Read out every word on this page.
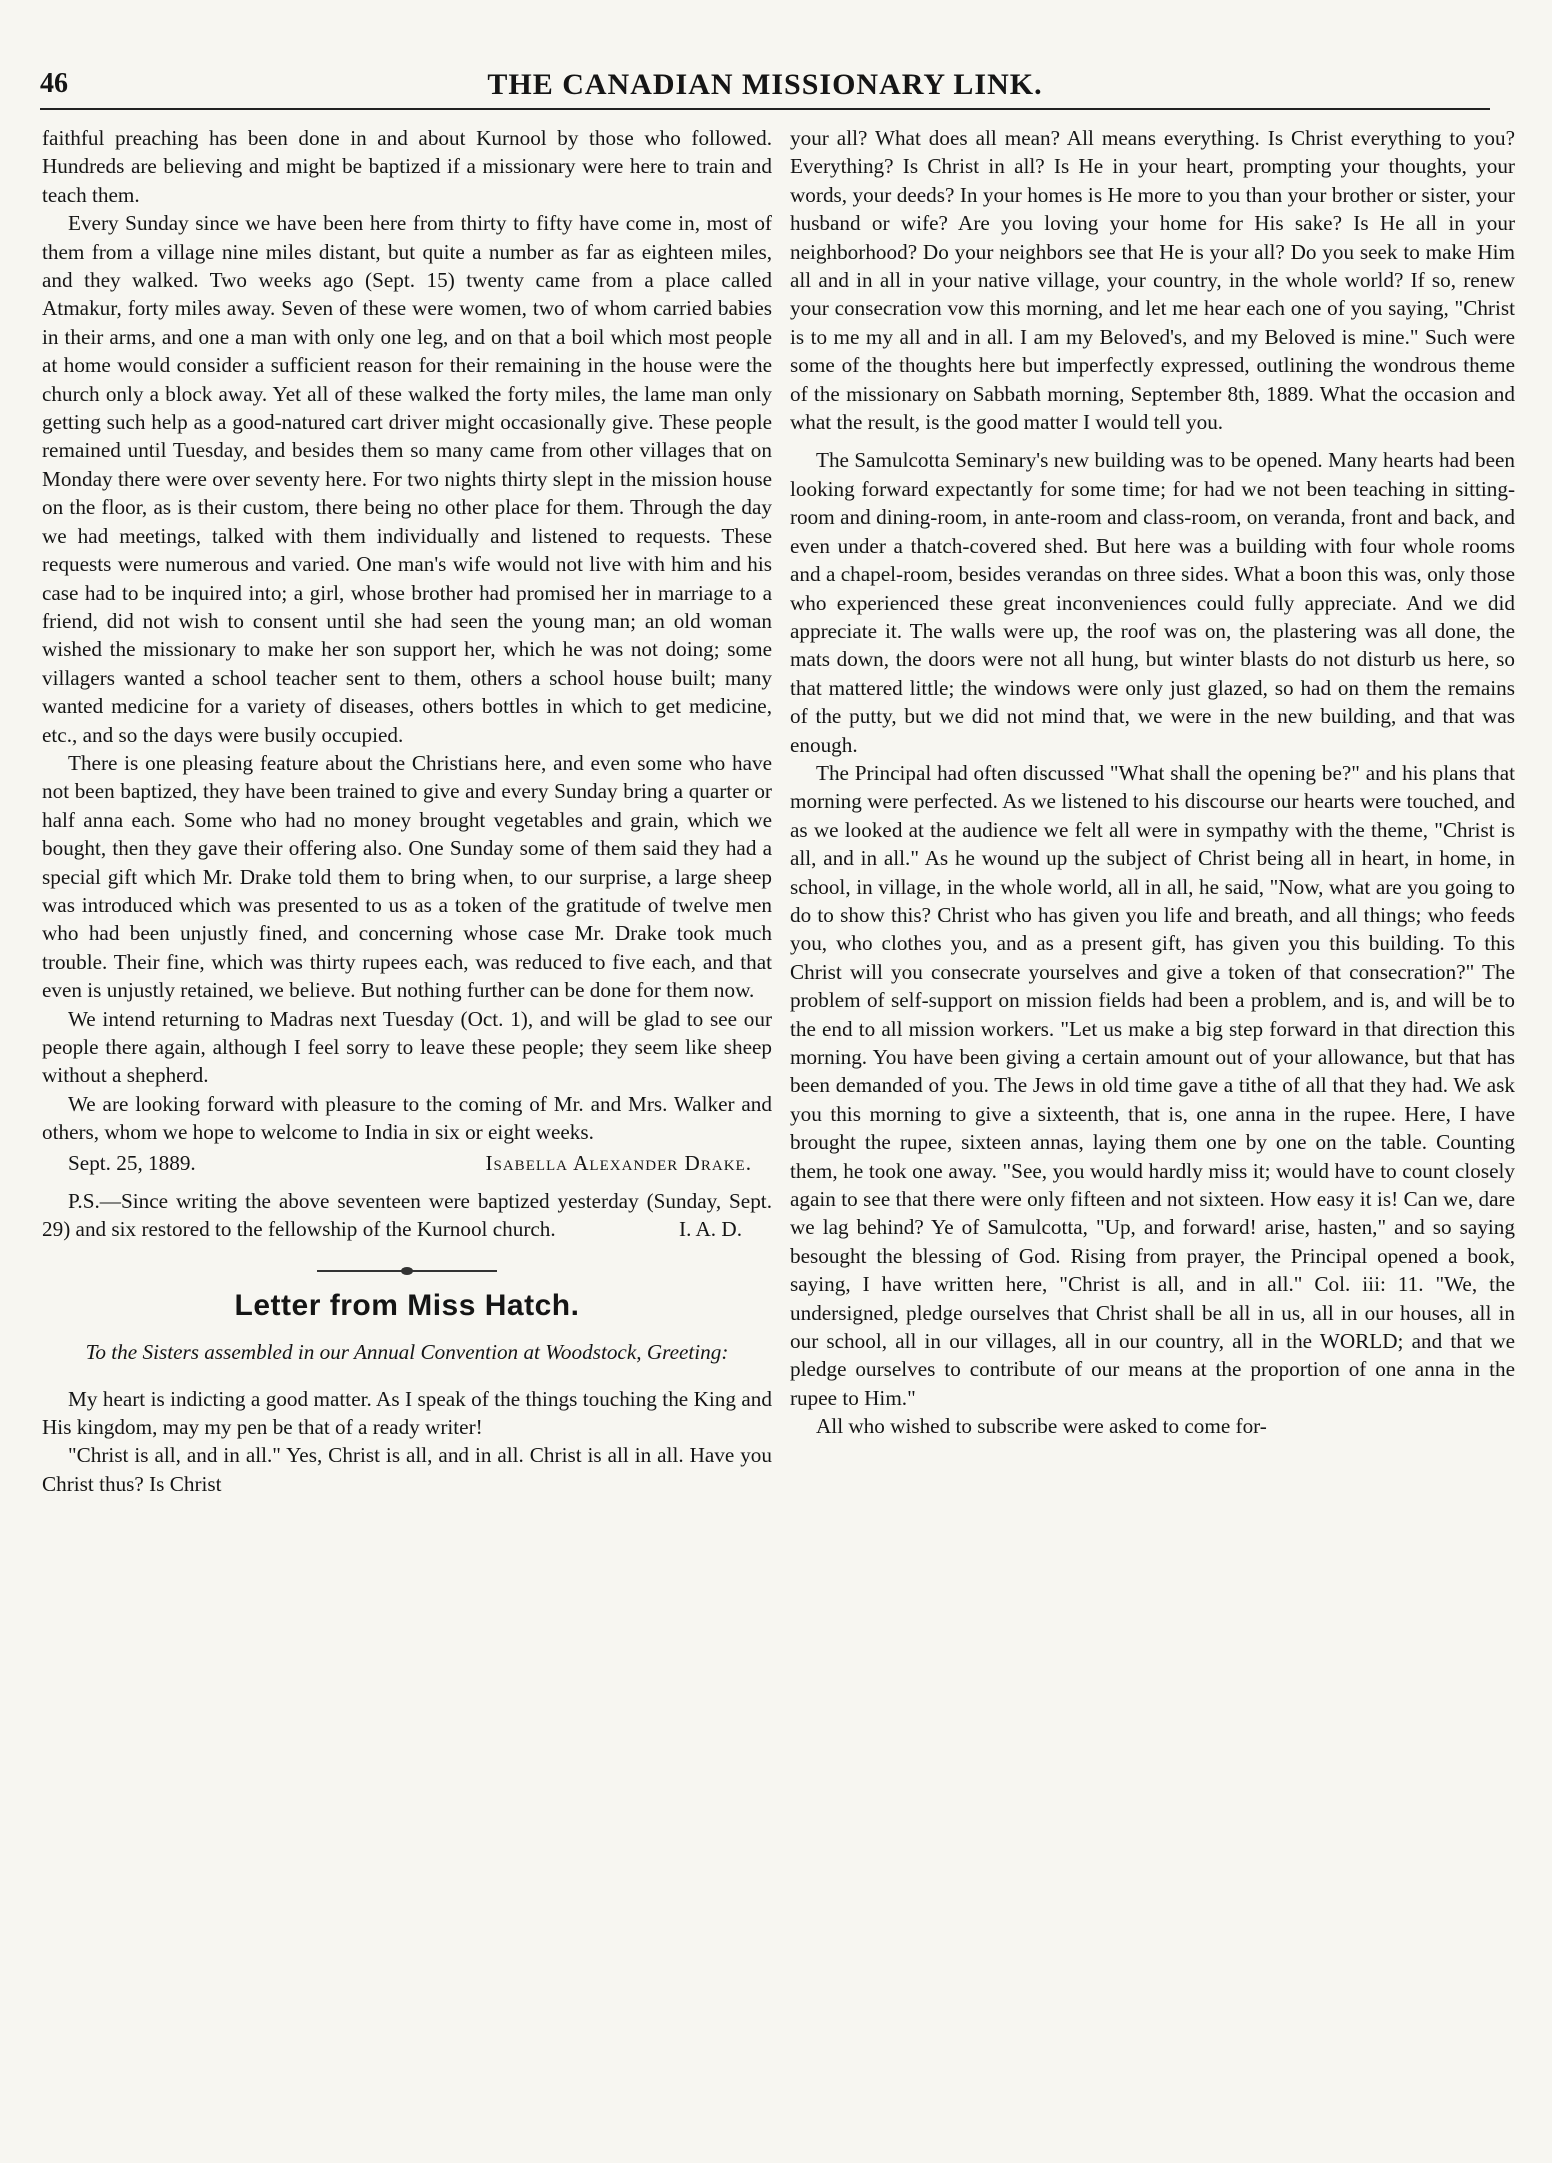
46	THE CANADIAN MISSIONARY LINK.

faithful preaching has been done in and about Kurnool by those who followed. Hundreds are believing and might be baptized if a missionary were here to train and teach them.

Every Sunday since we have been here from thirty to fifty have come in, most of them from a village nine miles distant, but quite a number as far as eighteen miles, and they walked. Two weeks ago (Sept. 15) twenty came from a place called Atmakur, forty miles away. Seven of these were women, two of whom carried babies in their arms, and one a man with only one leg, and on that a boil which most people at home would consider a sufficient reason for their remaining in the house were the church only a block away. Yet all of these walked the forty miles, the lame man only getting such help as a good-natured cart driver might occasionally give. These people remained until Tuesday, and besides them so many came from other villages that on Monday there were over seventy here. For two nights thirty slept in the mission house on the floor, as is their custom, there being no other place for them. Through the day we had meetings, talked with them individually and listened to requests. These requests were numerous and varied. One man's wife would not live with him and his case had to be inquired into; a girl, whose brother had promised her in marriage to a friend, did not wish to consent until she had seen the young man; an old woman wished the missionary to make her son support her, which he was not doing; some villagers wanted a school teacher sent to them, others a school house built; many wanted medicine for a variety of diseases, others bottles in which to get medicine, etc., and so the days were busily occupied.

There is one pleasing feature about the Christians here, and even some who have not been baptized, they have been trained to give and every Sunday bring a quarter or half anna each. Some who had no money brought vegetables and grain, which we bought, then they gave their offering also. One Sunday some of them said they had a special gift which Mr. Drake told them to bring when, to our surprise, a large sheep was introduced which was presented to us as a token of the gratitude of twelve men who had been unjustly fined, and concerning whose case Mr. Drake took much trouble. Their fine, which was thirty rupees each, was reduced to five each, and that even is unjustly retained, we believe. But nothing further can be done for them now.

We intend returning to Madras next Tuesday (Oct. 1), and will be glad to see our people there again, although I feel sorry to leave these people; they seem like sheep without a shepherd.

We are looking forward with pleasure to the coming of Mr. and Mrs. Walker and others, whom we hope to welcome to India in six or eight weeks.

Sept. 25, 1889.	Isabella Alexander Drake.

P.S.—Since writing the above seventeen were baptized yesterday (Sunday, Sept. 29) and six restored to the fellowship of the Kurnool church.	I. A. D.

Letter from Miss Hatch.

To the Sisters assembled in our Annual Convention at Woodstock, Greeting:

My heart is indicting a good matter. As I speak of the things touching the King and His kingdom, may my pen be that of a ready writer!

"Christ is all, and in all." Yes, Christ is all, and in all. Christ is all in all. Have you Christ thus? Is Christ

your all? What does all mean? All means everything. Is Christ everything to you? Everything? Is Christ in all? Is He in your heart, prompting your thoughts, your words, your deeds? In your homes is He more to you than your brother or sister, your husband or wife? Are you loving your home for His sake? Is He all in your neighborhood? Do your neighbors see that He is your all? Do you seek to make Him all and in all in your native village, your country, in the whole world? If so, renew your consecration vow this morning, and let me hear each one of you saying, "Christ is to me my all and in all. I am my Beloved's, and my Beloved is mine." Such were some of the thoughts here but imperfectly expressed, outlining the wondrous theme of the missionary on Sabbath morning, September 8th, 1889. What the occasion and what the result, is the good matter I would tell you.

The Samulcotta Seminary's new building was to be opened. Many hearts had been looking forward expectantly for some time; for had we not been teaching in sitting-room and dining-room, in ante-room and class-room, on veranda, front and back, and even under a thatch-covered shed. But here was a building with four whole rooms and a chapel-room, besides verandas on three sides. What a boon this was, only those who experienced these great inconveniences could fully appreciate. And we did appreciate it. The walls were up, the roof was on, the plastering was all done, the mats down, the doors were not all hung, but winter blasts do not disturb us here, so that mattered little; the windows were only just glazed, so had on them the remains of the putty, but we did not mind that, we were in the new building, and that was enough.

The Principal had often discussed "What shall the opening be?" and his plans that morning were perfected. As we listened to his discourse our hearts were touched, and as we looked at the audience we felt all were in sympathy with the theme, "Christ is all, and in all." As he wound up the subject of Christ being all in heart, in home, in school, in village, in the whole world, all in all, he said, "Now, what are you going to do to show this? Christ who has given you life and breath, and all things; who feeds you, who clothes you, and as a present gift, has given you this building. To this Christ will you consecrate yourselves and give a token of that consecration?" The problem of self-support on mission fields had been a problem, and is, and will be to the end to all mission workers. "Let us make a big step forward in that direction this morning. You have been giving a certain amount out of your allowance, but that has been demanded of you. The Jews in old time gave a tithe of all that they had. We ask you this morning to give a sixteenth, that is, one anna in the rupee. Here, I have brought the rupee, sixteen annas, laying them one by one on the table. Counting them, he took one away. "See, you would hardly miss it; would have to count closely again to see that there were only fifteen and not sixteen. How easy it is! Can we, dare we lag behind? Ye of Samulcotta, "Up, and forward! arise, hasten," and so saying besought the blessing of God. Rising from prayer, the Principal opened a book, saying, I have written here, "Christ is all, and in all." Col. iii: 11. "We, the undersigned, pledge ourselves that Christ shall be all in us, all in our houses, all in our school, all in our villages, all in our country, all in the WORLD; and that we pledge ourselves to contribute of our means at the proportion of one anna in the rupee to Him."

All who wished to subscribe were asked to come for-
